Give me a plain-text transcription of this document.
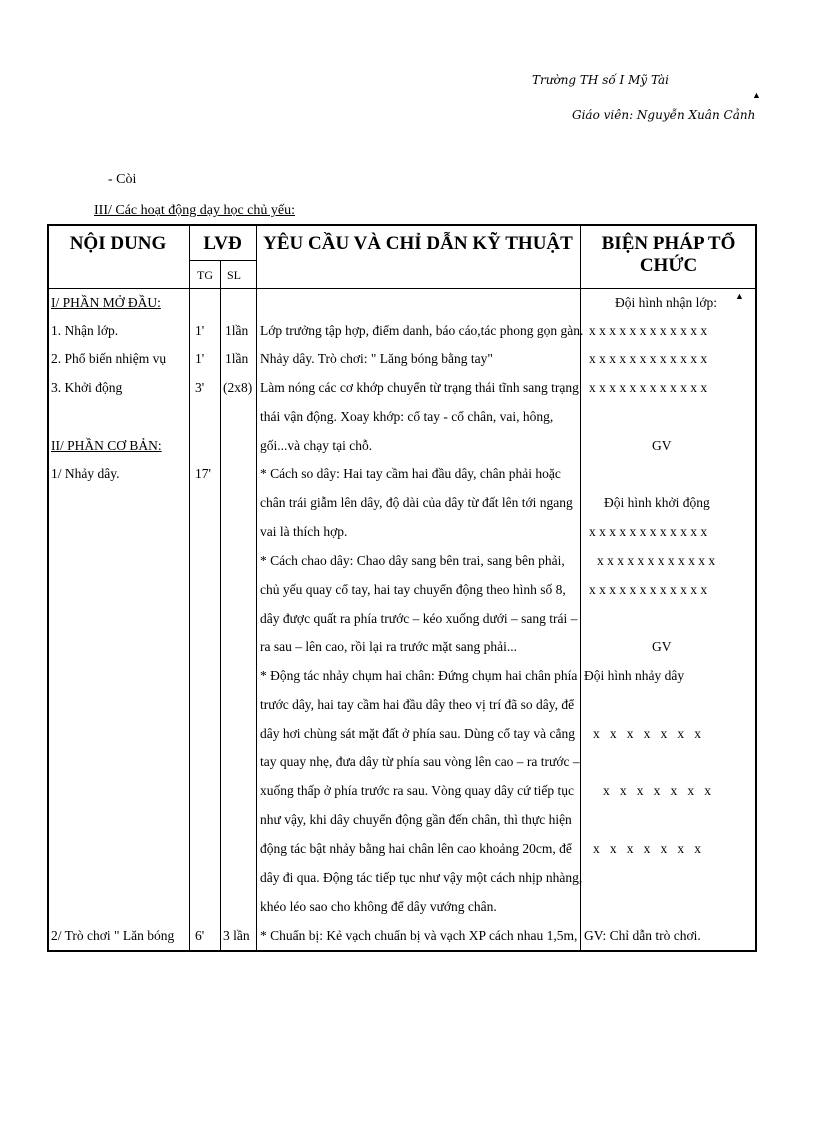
Trường TH số I Mỹ Tài
Giáo viên: Nguyễn Xuân Cảnh
▲
- Còi
III/ Các hoạt động dạy học chủ yếu:
NỘI DUNG	LVĐ
TG SL
YÊU CẦU VÀ CHỈ DẪN KỸ THUẬT	BIỆN PHÁP TỔ CHỨC
I/ PHẦN MỞ ĐẦU:
1. Nhận lớp.
2. Phổ biến nhiệm vụ
3. Khởi động
II/ PHẦN CƠ BẢN:
1/ Nhảy dây.
2/ Trò chơi " Lăn bóng
1'
1'
3'
17'
6'
1lần
1lần
(2x8)
3 lần
Lớp trưởng tập hợp, điểm danh, báo cáo,tác phong gọn gàn.
Nhảy dây. Trò chơi: " Lăng bóng bằng tay"
Làm nóng các cơ khớp chuyển từ trạng thái tĩnh sang trạng
thái vận động. Xoay khớp: cổ tay - cổ chân, vai, hông,
gối...và chạy tại chỗ.
* Cách so dây: Hai tay cầm hai đầu dây, chân phải hoặc
chân trái giẫm lên dây, độ dài của dây từ đất lên tới ngang
vai là thích hợp.
* Cách chao dây: Chao dây sang bên trai, sang bên phải,
chủ yếu quay cổ tay, hai tay chuyển động theo hình số 8,
dây được quất ra phía trước – kéo xuống dưới – sang trái –
ra sau – lên cao, rồi lại ra trước mặt sang phải...
* Động tác nhảy chụm hai chân: Đứng chụm hai chân phía
trước dây, hai tay cầm hai đầu dây theo vị trí đã so dây, để
dây hơi chùng sát mặt đất ở phía sau. Dùng cổ tay và cẳng
tay quay nhẹ, đưa dây từ phía sau vòng lên cao – ra trước –
xuống thấp ở phía trước ra sau. Vòng quay dây cứ tiếp tục
như vậy, khi dây chuyển động gần đến chân, thì thực hiện
động tác bật nhảy bằng hai chân lên cao khoảng 20cm, để
dây đi qua. Động tác tiếp tục như vậy một cách nhịp nhàng,
khéo léo sao cho không để dây vướng chân.
* Chuẩn bị: Kẻ vạch chuẩn bị và vạch XP cách nhau 1,5m,
Đội hình nhận lớp: ▲
x x x x x x x x x x x x
x x x x x x x x x x x x
x x x x x x x x x x x x
GV
Đội hình khởi động
x x x x x x x x x x x x
x x x x x x x x x x x x
x x x x x x x x x x x x
GV
Đội hình nhảy dây
x   x   x   x   x   x   x
x   x   x   x   x   x   x
x   x   x   x   x   x   x
GV: Chỉ dẫn trò chơi.
